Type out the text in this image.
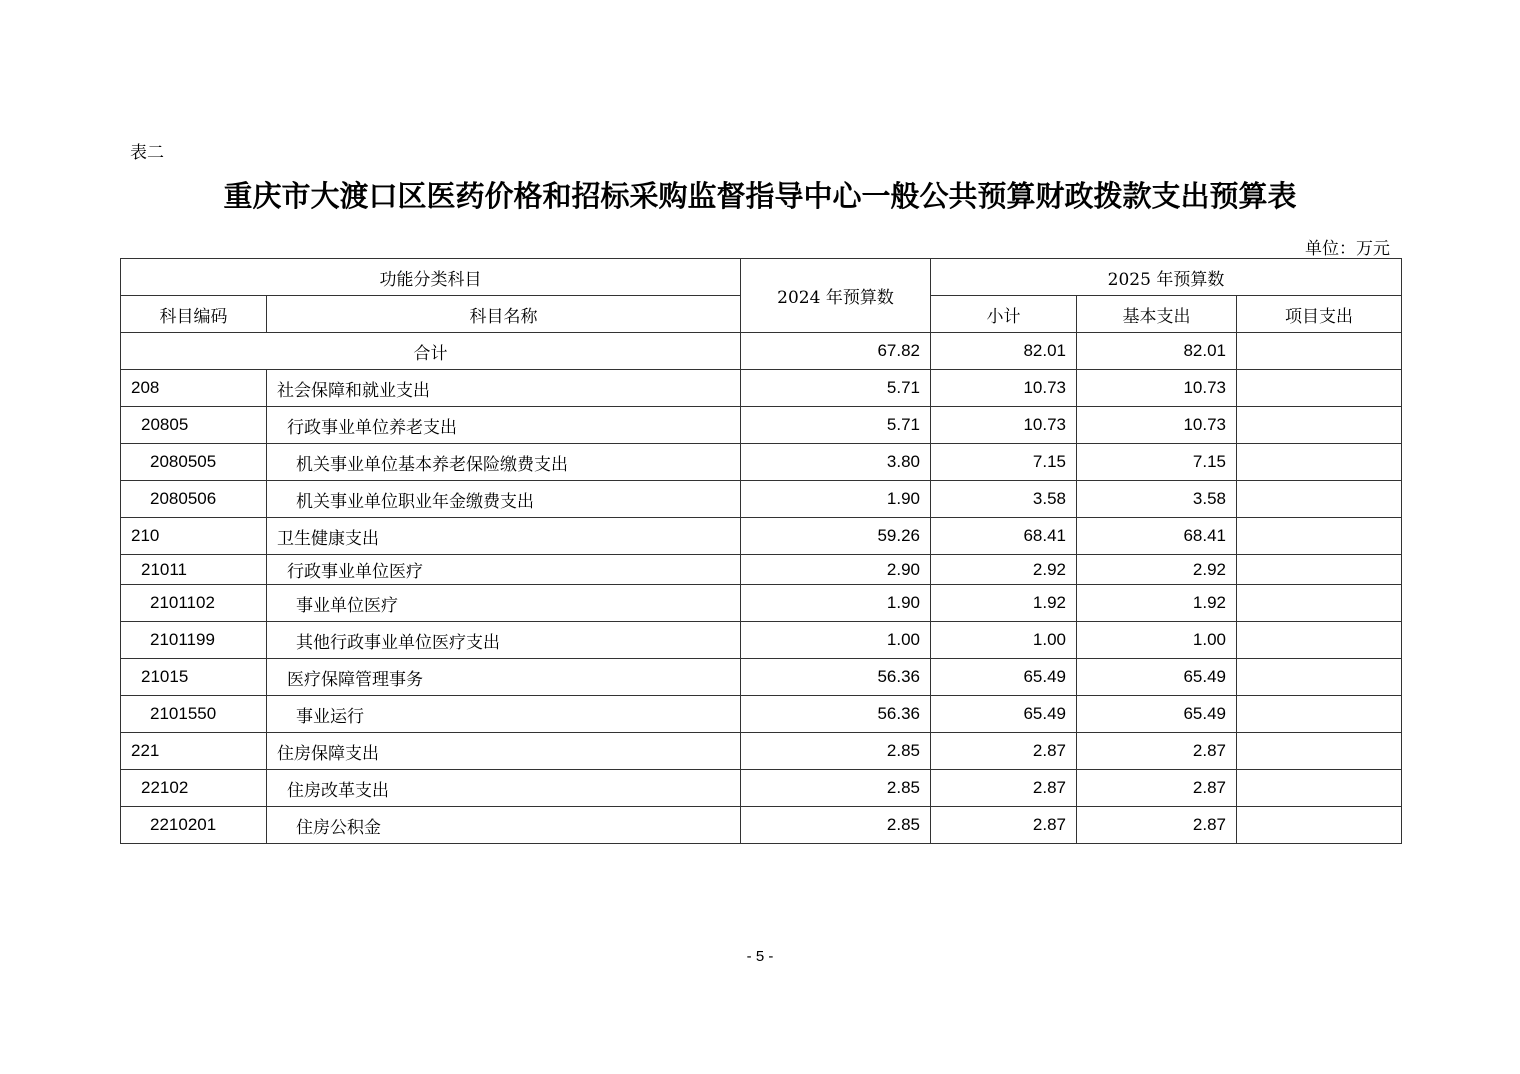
表二
重庆市大渡口区医药价格和招标采购监督指导中心一般公共预算财政拨款支出预算表
单位：万元
功能分类科目		2024 年预算数	2025 年预算数		
科目编码	科目名称		小计	基本支出	项目支出
合计		67.82	82.01	82.01	
208	社会保障和就业支出	5.71	10.73	10.73	
20805	行政事业单位养老支出	5.71	10.73	10.73	
2080505	机关事业单位基本养老保险缴费支出	3.80	7.15	7.15	
2080506	机关事业单位职业年金缴费支出	1.90	3.58	3.58	
210	卫生健康支出	59.26	68.41	68.41	
21011	行政事业单位医疗	2.90	2.92	2.92	
2101102	事业单位医疗	1.90	1.92	1.92	
2101199	其他行政事业单位医疗支出	1.00	1.00	1.00	
21015	医疗保障管理事务	56.36	65.49	65.49	
2101550	事业运行	56.36	65.49	65.49	
221	住房保障支出	2.85	2.87	2.87	
22102	住房改革支出	2.85	2.87	2.87	
2210201	住房公积金	2.85	2.87	2.87	
- 5 -
